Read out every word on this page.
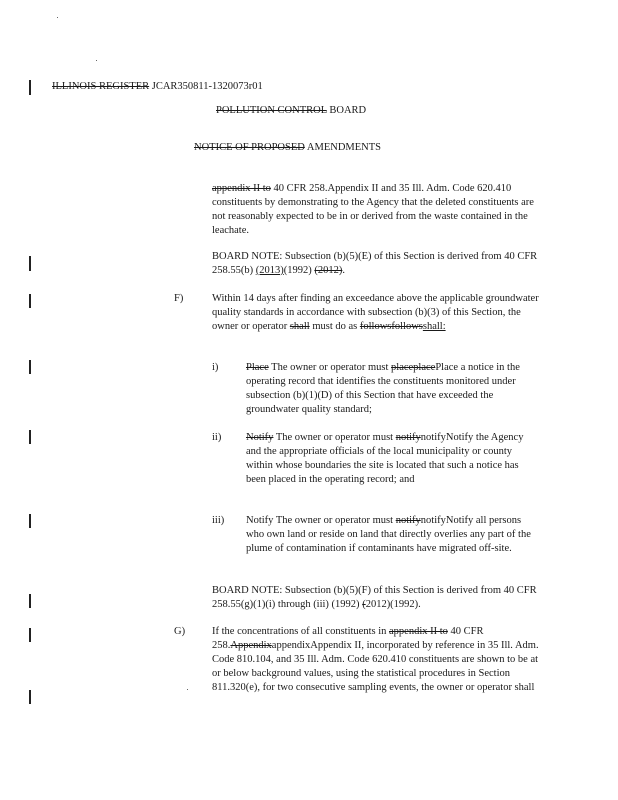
ILLINOIS REGISTER JCAR350811-1320073r01
POLLUTION CONTROL BOARD
NOTICE OF PROPOSED AMENDMENTS
appendix II to 40 CFR 258.Appendix II and 35 Ill. Adm. Code 620.410 constituents by demonstrating to the Agency that the deleted constituents are not reasonably expected to be in or derived from the waste contained in the leachate.
BOARD NOTE: Subsection (b)(5)(E) of this Section is derived from 40 CFR 258.55(b) (2013)(1992) (2012).
F)	Within 14 days after finding an exceedance above the applicable groundwater quality standards in accordance with subsection (b)(3) of this Section, the owner or operator shall must do as followsfollowsshall:
i)	Place The owner or operator must placeplacePlace a notice in the operating record that identifies the constituents monitored under subsection (b)(1)(D) of this Section that have exceeded the groundwater quality standard;
ii) Notify The owner or operator must notifynotifyNotify the Agency and the appropriate officials of the local municipality or county within whose boundaries the site is located that such a notice has been placed in the operating record; and
iii) Notify The owner or operator must notifynotifyNotify all persons who own land or reside on land that directly overlies any part of the plume of contamination if contaminants have migrated off-site.
BOARD NOTE: Subsection (b)(5)(F) of this Section is derived from 40 CFR 258.55(g)(1)(i) through (iii) (1992) (2012)(1992).
G)	If the concentrations of all constituents in appendix II to 40 CFR 258.AppendixappendixAppendix II, incorporated by reference in 35 Ill. Adm. Code 810.104, and 35 Ill. Adm. Code 620.410 constituents are shown to be at or below background values, using the statistical procedures in Section 811.320(e), for two consecutive sampling events, the owner or operator shall
